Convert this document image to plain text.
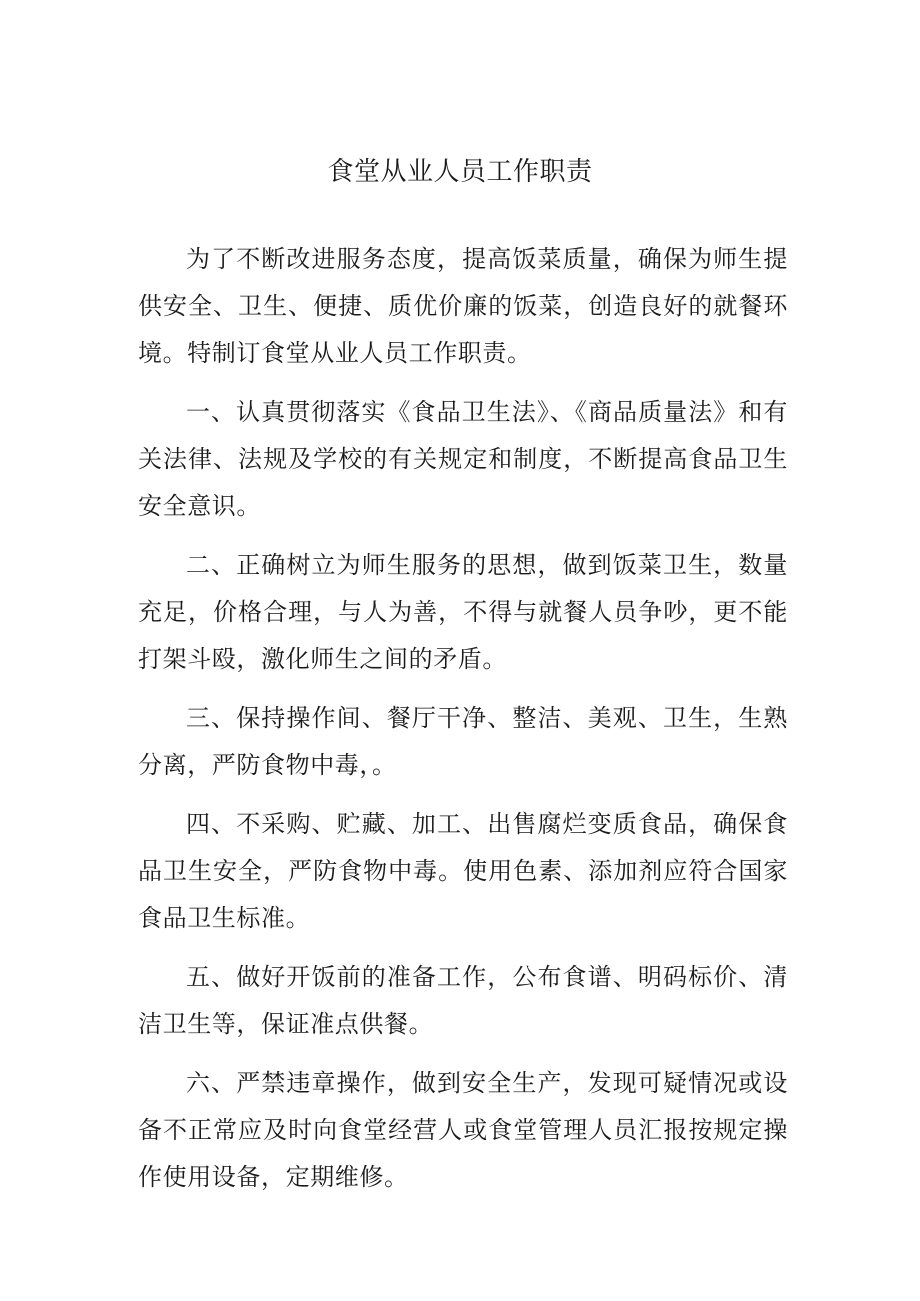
食堂从业人员工作职责

为了不断改进服务态度，提高饭菜质量，确保为师生提供安全、卫生、便捷、质优价廉的饭菜，创造良好的就餐环境。特制订食堂从业人员工作职责。

一、认真贯彻落实《食品卫生法》、《商品质量法》和有关法律、法规及学校的有关规定和制度，不断提高食品卫生安全意识。

二、正确树立为师生服务的思想，做到饭菜卫生，数量充足，价格合理，与人为善，不得与就餐人员争吵，更不能打架斗殴，激化师生之间的矛盾。

三、保持操作间、餐厅干净、整洁、美观、卫生，生熟分离，严防食物中毒，。

四、不采购、贮藏、加工、出售腐烂变质食品，确保食品卫生安全，严防食物中毒。使用色素、添加剂应符合国家食品卫生标准。

五、做好开饭前的准备工作，公布食谱、明码标价、清洁卫生等，保证准点供餐。

六、严禁违章操作，做到安全生产，发现可疑情况或设备不正常应及时向食堂经营人或食堂管理人员汇报按规定操作使用设备，定期维修。
